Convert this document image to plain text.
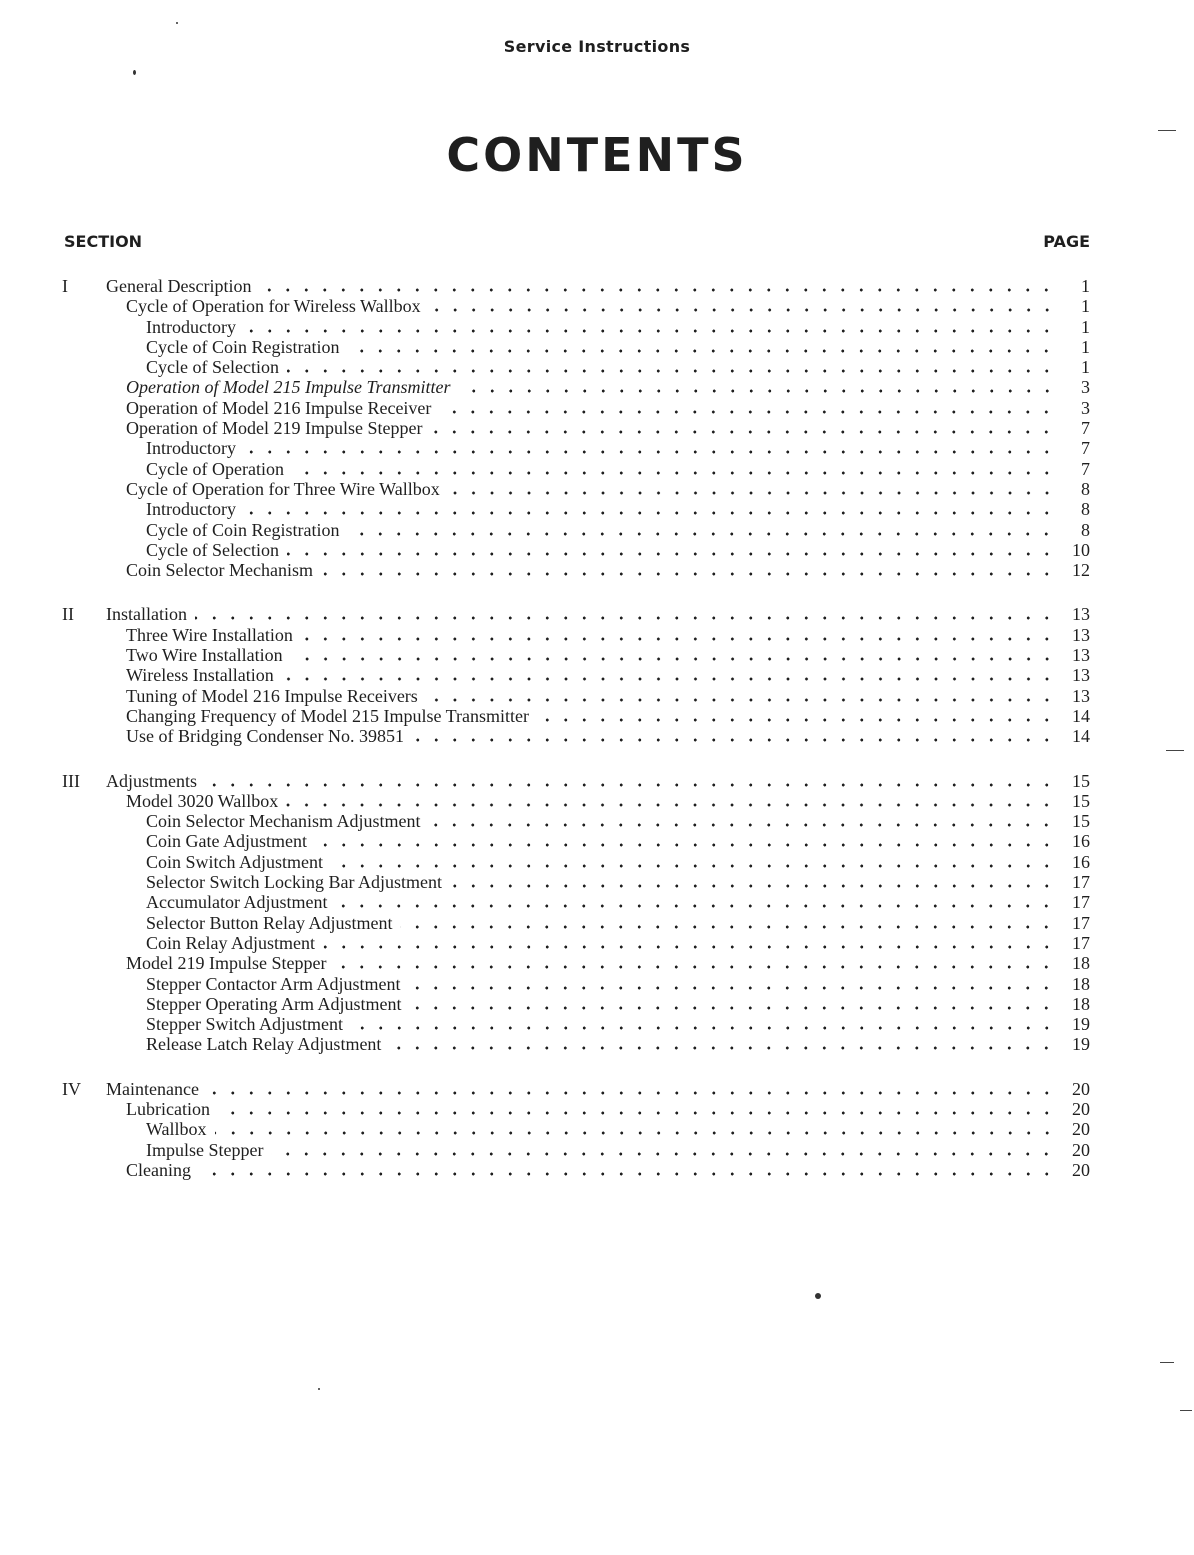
Service Instructions
CONTENTS
SECTION	PAGE
I	General Description	1
Cycle of Operation for Wireless Wallbox	1
Introductory	1
Cycle of Coin Registration	1
Cycle of Selection	1
Operation of Model 215 Impulse Transmitter	3
Operation of Model 216 Impulse Receiver	3
Operation of Model 219 Impulse Stepper	7
Introductory	7
Cycle of Operation	7
Cycle of Operation for Three Wire Wallbox	8
Introductory	8
Cycle of Coin Registration	8
Cycle of Selection	10
Coin Selector Mechanism	12
II	Installation	13
Three Wire Installation	13
Two Wire Installation	13
Wireless Installation	13
Tuning of Model 216 Impulse Receivers	13
Changing Frequency of Model 215 Impulse Transmitter	14
Use of Bridging Condenser No. 39851	14
III	Adjustments	15
Model 3020 Wallbox	15
Coin Selector Mechanism Adjustment	15
Coin Gate Adjustment	16
Coin Switch Adjustment	16
Selector Switch Locking Bar Adjustment	17
Accumulator Adjustment	17
Selector Button Relay Adjustment	17
Coin Relay Adjustment	17
Model 219 Impulse Stepper	18
Stepper Contactor Arm Adjustment	18
Stepper Operating Arm Adjustment	18
Stepper Switch Adjustment	19
Release Latch Relay Adjustment	19
IV	Maintenance	20
Lubrication	20
Wallbox	20
Impulse Stepper	20
Cleaning	20
